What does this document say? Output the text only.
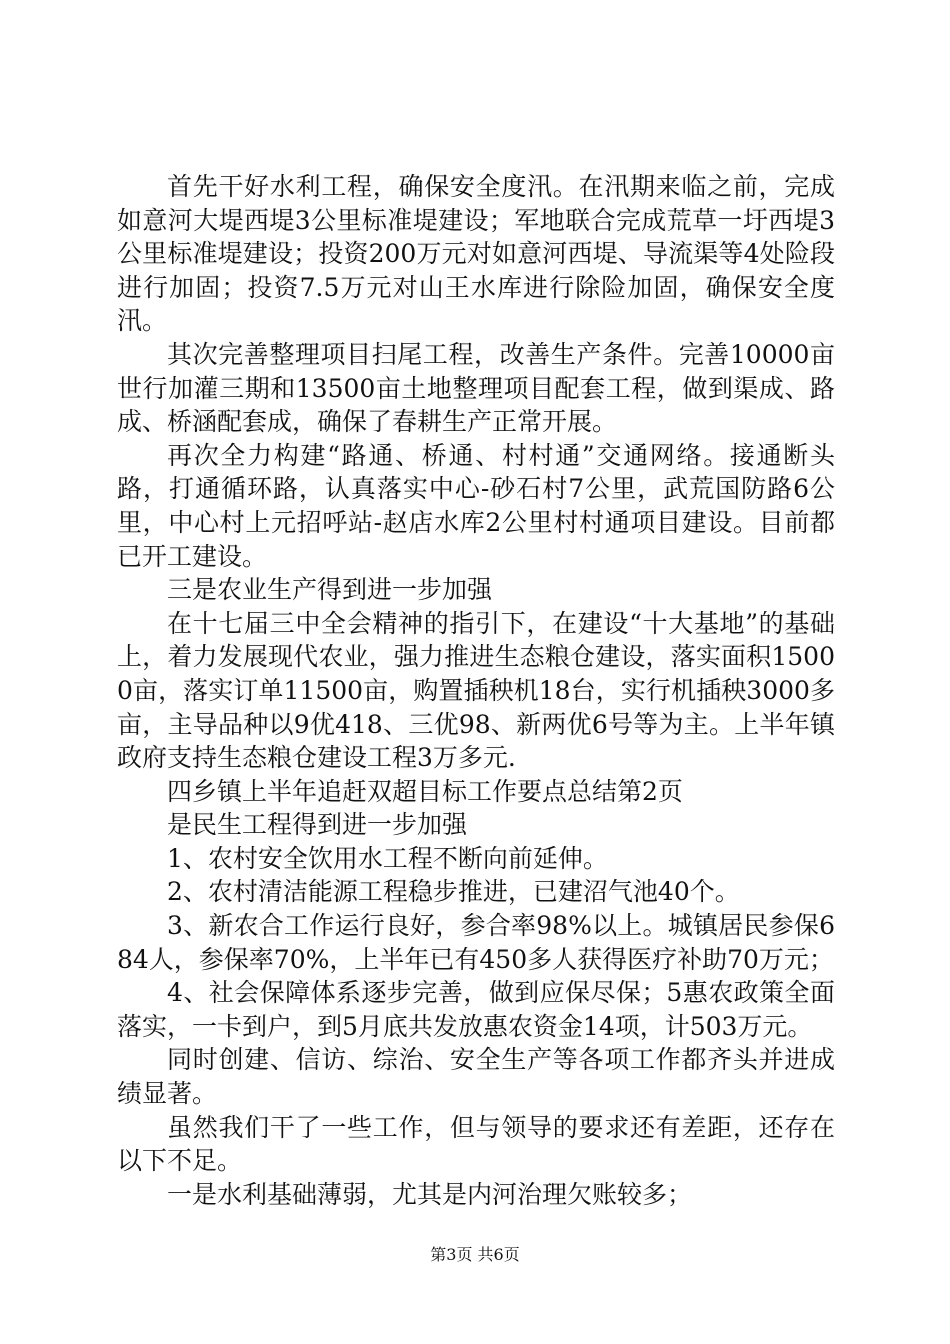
首先干好水利工程，确保安全度汛。在汛期来临之前，完成如意河大堤西堤3公里标准堤建设；军地联合完成荒草一圩西堤3公里标准堤建设；投资200万元对如意河西堤、导流渠等4处险段进行加固；投资7.5万元对山王水库进行除险加固，确保安全度汛。

其次完善整理项目扫尾工程，改善生产条件。完善10000亩世行加灌三期和13500亩土地整理项目配套工程，做到渠成、路成、桥涵配套成，确保了春耕生产正常开展。

再次全力构建“路通、桥通、村村通”交通网络。接通断头路，打通循环路，认真落实中心-砂石村7公里，武荒国防路6公里，中心村上元招呼站-赵店水库2公里村村通项目建设。目前都已开工建设。

三是农业生产得到进一步加强

在十七届三中全会精神的指引下，在建设“十大基地”的基础上，着力发展现代农业，强力推进生态粮仓建设，落实面积15000亩，落实订单11500亩，购置插秧机18台，实行机插秧3000多亩，主导品种以9优418、三优98、新两优6号等为主。上半年镇政府支持生态粮仓建设工程3万多元.

四乡镇上半年追赶双超目标工作要点总结第2页

是民生工程得到进一步加强

1、农村安全饮用水工程不断向前延伸。

2、农村清洁能源工程稳步推进，已建沼气池40个。

3、新农合工作运行良好，参合率98%以上。城镇居民参保684人，参保率70%，上半年已有450多人获得医疗补助70万元；

4、社会保障体系逐步完善，做到应保尽保；5惠农政策全面落实，一卡到户，到5月底共发放惠农资金14项，计503万元。

同时创建、信访、综治、安全生产等各项工作都齐头并进成绩显著。

虽然我们干了一些工作，但与领导的要求还有差距，还存在以下不足。

一是水利基础薄弱，尤其是内河治理欠账较多；

第3页 共6页
